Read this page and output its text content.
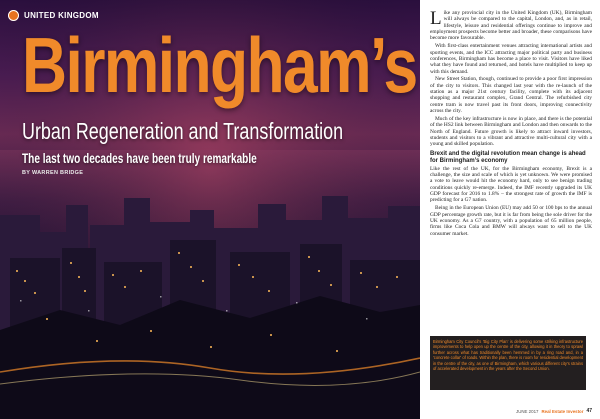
UNITED KINGDOM
Birmingham’s
Urban Regeneration and Transformation

The last two decades have been truly remarkable

BY WARREN BRIDGE

Like any provincial city in the United Kingdom (UK), Birmingham will always be compared to the capital, London, and, as in retail, lifestyle, leisure and residential offerings continue to improve and employment prospects become better and broader, these comparisons have become more favourable.

With first-class entertainment venues attracting international artists and sporting events, and the ICC attracting major political party and business conferences, Birmingham has become a place to visit. Visitors have liked what they have found and returned, and hotels have multiplied to keep up with this demand.

New Street Station, though, continued to provide a poor first impression of the city to visitors. This changed last year with the re-launch of the station as a major 21st century facility, complete with its adjacent shopping and restaurant complex, Grand Central. The refurbished city centre tram is now travel past its front doors, improving connectivity across the city.

Much of the key infrastructure is now in place, and there is the potential of the HS2 link between Birmingham and London and then onwards to the North of England. Future growth is likely to attract inward investors, students and visitors to a vibrant and attractive multi-cultural city with a young and skilled population.

Brexit and the digital revolution mean change is ahead for Birmingham’s economy

Like the rest of the UK, for the Birmingham economy, Brexit is a challenge, the size and scale of which is yet unknown. We were promised a vote to leave would hit the economy hard, only to see benign trading conditions quickly re-emerge. Indeed, the IMF recently upgraded its UK GDP forecast for 2016 to 1.8% – the strongest rate of growth the IMF is predicting for a G7 nation.

Being in the European Union (EU) may add 50 or 100 bps to the annual GDP percentage growth rate, but it is far from being the sole driver for the UK economy. As a G7 country, with a population of 65 million people, firms like Coca Cola and BMW will always want to sell to the UK consumer market.

Birmingham City Council's 'Big City Plan' is delivering some striking infrastructure improvements to help open up the centre of the city, allowing it in theory to sprawl further across what has traditionally been hemmed in by a ring road and, in a 'concrete collar' of roads. Within the plan, there is room for residential development in the centre of the city, as one of Birmingham, which various different city's strains of accelerated development in the years after the Second Union.

JUNE 2017 Real Estate Investor 47
